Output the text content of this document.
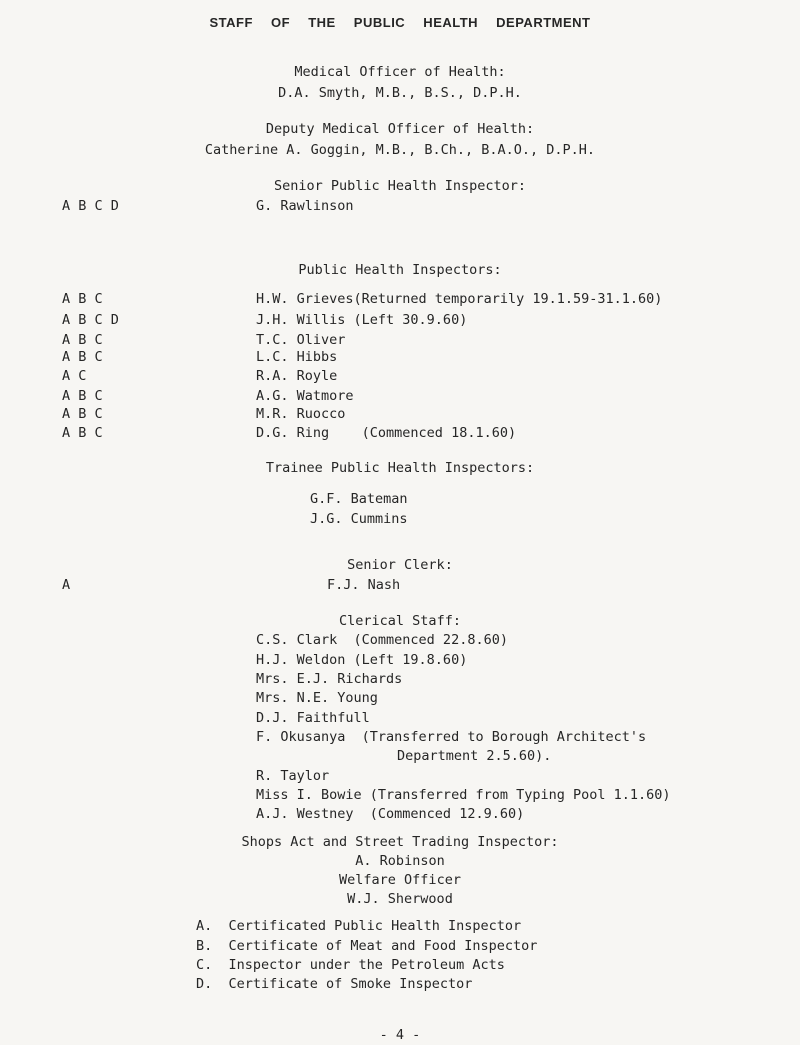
STAFF OF THE PUBLIC HEALTH DEPARTMENT
Medical Officer of Health:
D.A. Smyth, M.B., B.S., D.P.H.
Deputy Medical Officer of Health:
Catherine A. Goggin, M.B., B.Ch., B.A.O., D.P.H.
Senior Public Health Inspector:
A B C D	G. Rawlinson
Public Health Inspectors:
A B C	H.W. Grieves(Returned temporarily 19.1.59-31.1.60)
A B C D	J.H. Willis (Left 30.9.60)
A B C	T.C. Oliver
A B C	L.C. Hibbs
A C	R.A. Royle
A B C	A.G. Watmore
A B C	M.R. Ruocco
A B C	D.G. Ring    (Commenced 18.1.60)
Trainee Public Health Inspectors:
G.F. Bateman
J.G. Cummins
Senior Clerk:
A	F.J. Nash
Clerical Staff:
C.S. Clark  (Commenced 22.8.60)
H.J. Weldon (Left 19.8.60)
Mrs. E.J. Richards
Mrs. N.E. Young
D.J. Faithfull
F. Okusanya  (Transferred to Borough Architect's
Department 2.5.60).
R. Taylor
Miss I. Bowie (Transferred from Typing Pool 1.1.60)
A.J. Westney  (Commenced 12.9.60)
Shops Act and Street Trading Inspector:
A. Robinson
Welfare Officer
W.J. Sherwood
A.  Certificated Public Health Inspector
B.  Certificate of Meat and Food Inspector
C.  Inspector under the Petroleum Acts
D.  Certificate of Smoke Inspector
- 4 -
